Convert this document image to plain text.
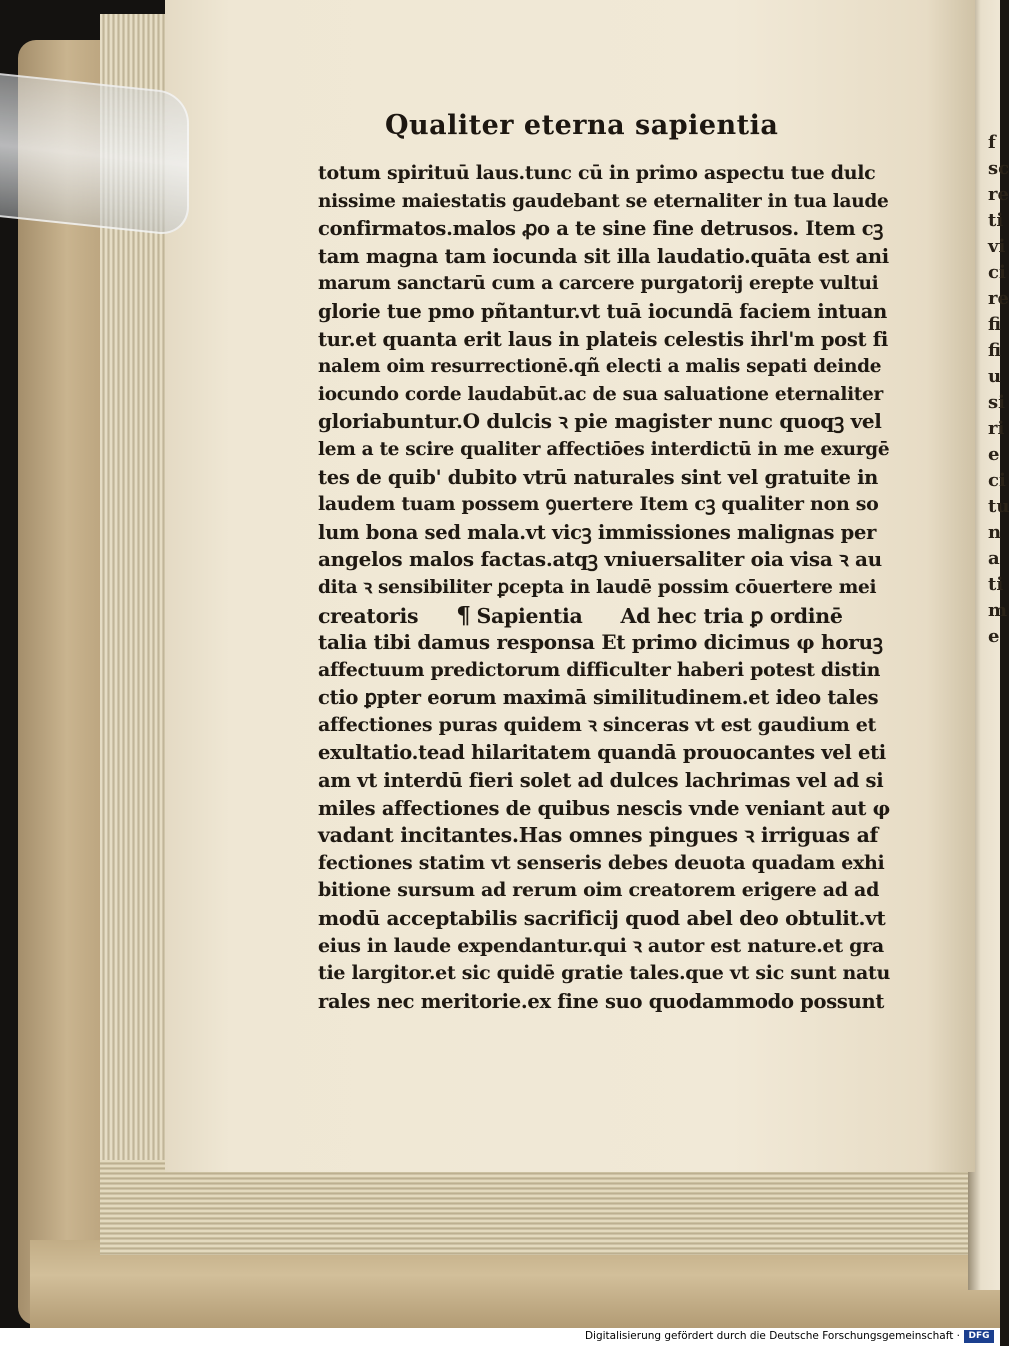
f
sc
re
ti
vi
ci
re
fi
fi
u
si
ri
e
ci
tu
n
a
ti
m
e
Qualiter eterna sapientia
totum spirituū laus.tunc cū in primo aspectu tue dulc
nissime maiestatis gaudebant se eternaliter in tua laude
confirmatos.malos ꝓo a te sine fine detrusos. Item cꝫ
tam magna tam iocunda sit illa laudatio.quāta est ani
marum sanctarū cum a carcere purgatorij erepte vultui
glorie tue pmo pñtantur.vt tuā iocundā faciem intuan
tur.et quanta erit laus in plateis celestis ihrl'm post fi
nalem oim resurrectionē.qñ electi a malis sepati deinde
iocundo corde laudabūt.ac de sua saluatione eternaliter
gloriabuntur.O dulcis ꝛ pie magister nunc quoqꝫ vel
lem a te scire qualiter affectiōes interdictū in me exurgē
tes de quib' dubito vtrū naturales sint vel gratuite in
laudem tuam possem ꝯuertere Item cꝫ qualiter non so
lum bona sed mala.vt vicꝫ immissiones malignas per
angelos malos factas.atqꝫ vniuersaliter oia visa ꝛ au
dita ꝛ sensibiliter ꝑcepta in laudē possim cōuertere mei
creatoris ¶ Sapientia Ad hec tria ꝑ ordinē
talia tibi damus responsa Et primo dicimus φ horuꝫ
affectuum predictorum difficulter haberi potest distin
ctio ꝑpter eorum maximā similitudinem.et ideo tales
affectiones puras quidem ꝛ sinceras vt est gaudium et
exultatio.tead hilaritatem quandā prouocantes vel eti
am vt interdū fieri solet ad dulces lachrimas vel ad si
miles affectiones de quibus nescis vnde veniant aut φ
vadant incitantes.Has omnes pingues ꝛ irriguas af
fectiones statim vt senseris debes deuota quadam exhi
bitione sursum ad rerum oim creatorem erigere ad ad
modū acceptabilis sacrificij quod abel deo obtulit.vt
eius in laude expendantur.qui ꝛ autor est nature.et gra
tie largitor.et sic quidē gratie tales.que vt sic sunt natu
rales nec meritorie.ex fine suo quodammodo possunt
Digitalisierung gefördert durch die Deutsche Forschungsgemeinschaft · DFG
